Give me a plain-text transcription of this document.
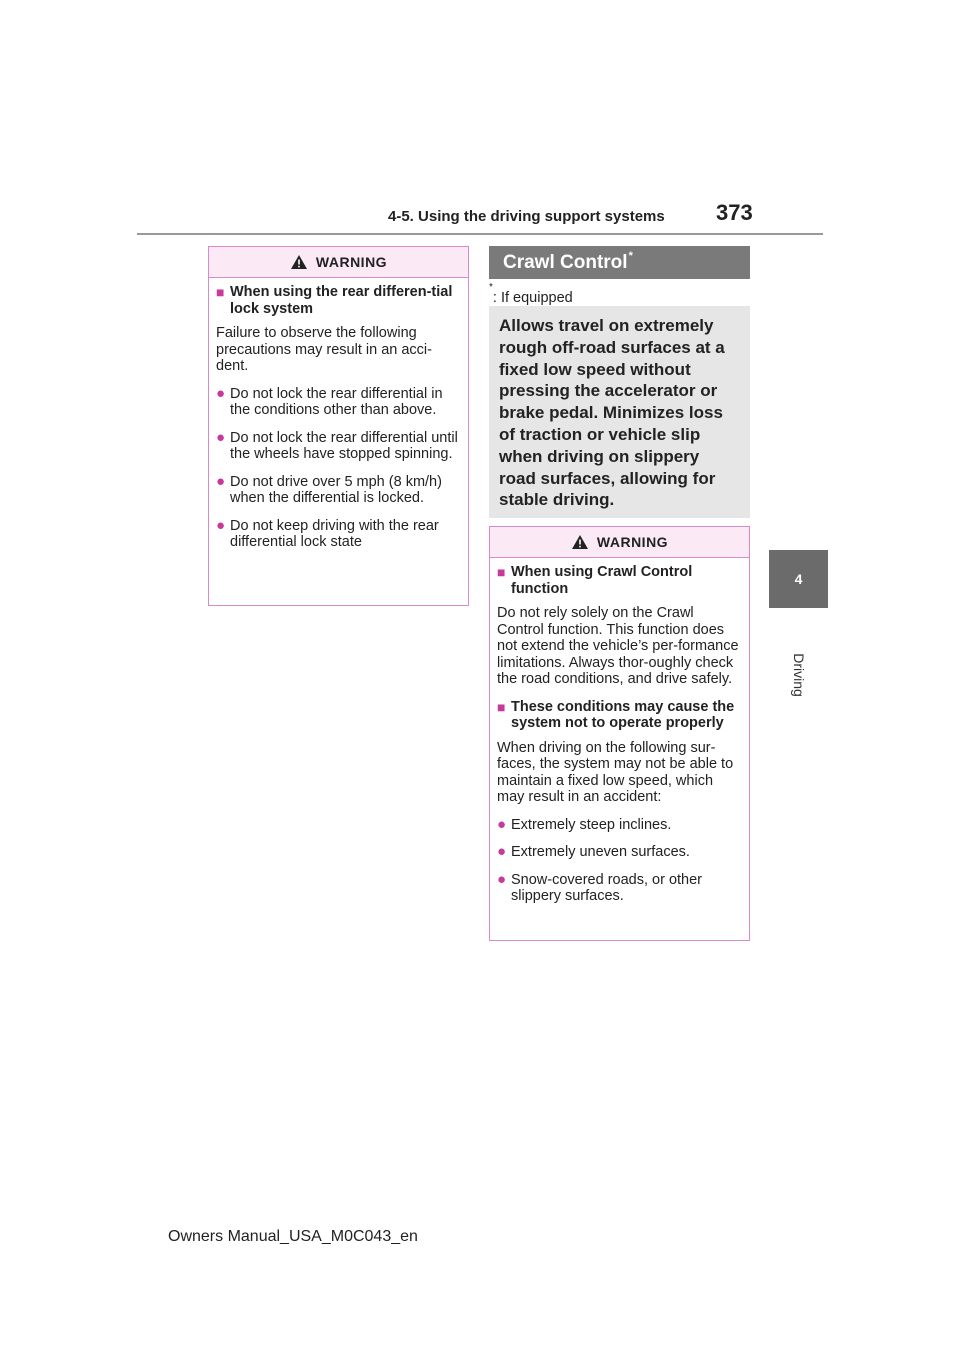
4-5. Using the driving support systems 373
4
Driving
WARNING
■ When using the rear differen-tial lock system
Failure to observe the following precautions may result in an acci-dent.
● Do not lock the rear differential in the conditions other than above.
● Do not lock the rear differential until the wheels have stopped spinning.
● Do not drive over 5 mph (8 km/h) when the differential is locked.
● Do not keep driving with the rear differential lock state
Crawl Control*
*: If equipped
Allows travel on extremely rough off-road surfaces at a fixed low speed without pressing the accelerator or brake pedal. Minimizes loss of traction or vehicle slip when driving on slippery road surfaces, allowing for stable driving.
WARNING
■ When using Crawl Control function
Do not rely solely on the Crawl Control function. This function does not extend the vehicle’s per-formance limitations. Always thor-oughly check the road conditions, and drive safely.
■ These conditions may cause the system not to operate properly
When driving on the following sur-faces, the system may not be able to maintain a fixed low speed, which may result in an accident:
● Extremely steep inclines.
● Extremely uneven surfaces.
● Snow-covered roads, or other slippery surfaces.
Owners Manual_USA_M0C043_en
